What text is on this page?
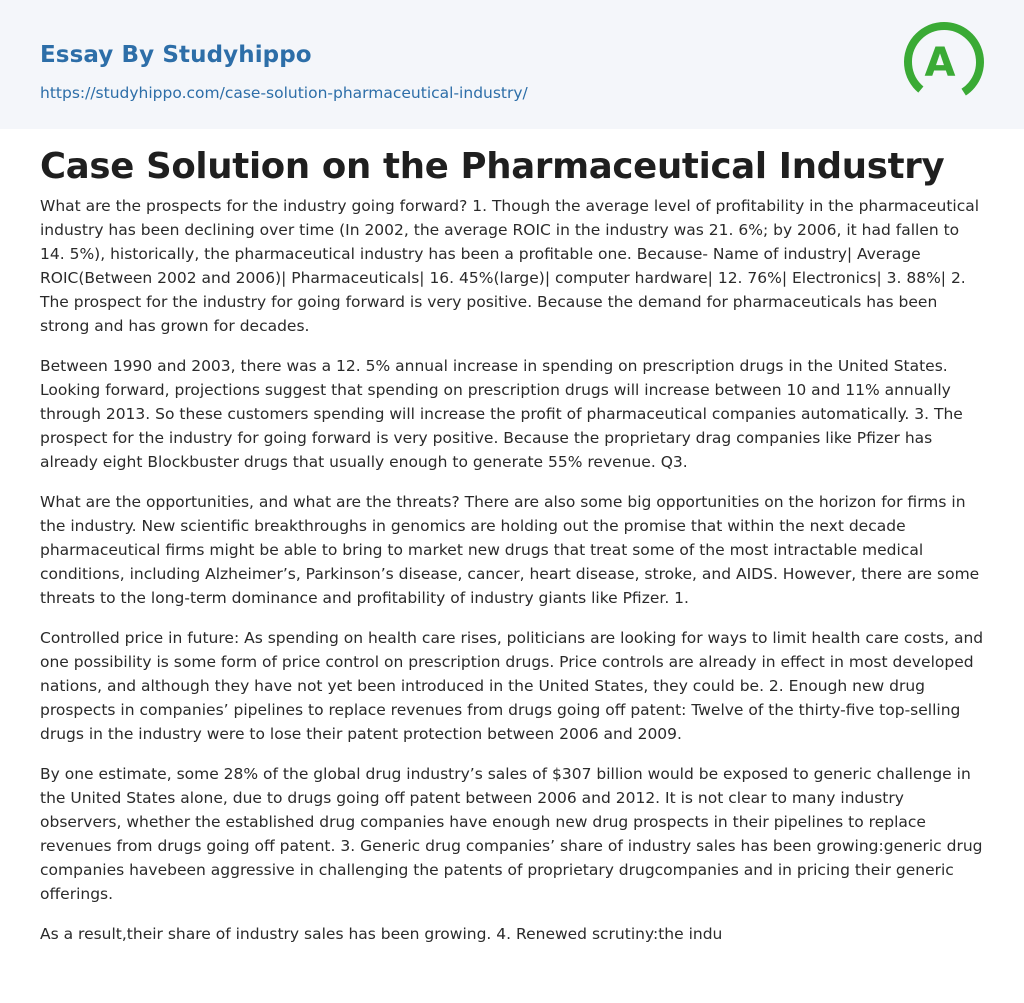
Essay By Studyhippo
https://studyhippo.com/case-solution-pharmaceutical-industry/
A
Case Solution on the Pharmaceutical Industry

What are the prospects for the industry going forward? 1. Though the average level of profitability in the pharmaceutical industry has been declining over time (In 2002, the average ROIC in the industry was 21. 6%; by 2006, it had fallen to 14. 5%), historically, the pharmaceutical industry has been a profitable one. Because- Name of industry| Average ROIC(Between 2002 and 2006)| Pharmaceuticals| 16. 45%(large)| computer hardware| 12. 76%| Electronics| 3. 88%| 2. The prospect for the industry for going forward is very positive. Because the demand for pharmaceuticals has been strong and has grown for decades.

Between 1990 and 2003, there was a 12. 5% annual increase in spending on prescription drugs in the United States. Looking forward, projections suggest that spending on prescription drugs will increase between 10 and 11% annually through 2013. So these customers spending will increase the profit of pharmaceutical companies automatically. 3. The prospect for the industry for going forward is very positive. Because the proprietary drag companies like Pfizer has already eight Blockbuster drugs that usually enough to generate 55% revenue. Q3.

What are the opportunities, and what are the threats? There are also some big opportunities on the horizon for firms in the industry. New scientific breakthroughs in genomics are holding out the promise that within the next decade pharmaceutical firms might be able to bring to market new drugs that treat some of the most intractable medical conditions, including Alzheimer’s, Parkinson’s disease, cancer, heart disease, stroke, and AIDS. However, there are some threats to the long-term dominance and profitability of industry giants like Pfizer. 1.

Controlled price in future: As spending on health care rises, politicians are looking for ways to limit health care costs, and one possibility is some form of price control on prescription drugs. Price controls are already in effect in most developed nations, and although they have not yet been introduced in the United States, they could be. 2. Enough new drug prospects in companies’ pipelines to replace revenues from drugs going off patent: Twelve of the thirty-five top-selling drugs in the industry were to lose their patent protection between 2006 and 2009.

By one estimate, some 28% of the global drug industry’s sales of $307 billion would be exposed to generic challenge in the United States alone, due to drugs going off patent between 2006 and 2012. It is not clear to many industry observers, whether the established drug companies have enough new drug prospects in their pipelines to replace revenues from drugs going off patent. 3. Generic drug companies’ share of industry sales has been growing:generic drug companies havebeen aggressive in challenging the patents of proprietary drugcompanies and in pricing their generic offerings.

As a result,their share of industry sales has been growing. 4. Renewed scrutiny:the indu
